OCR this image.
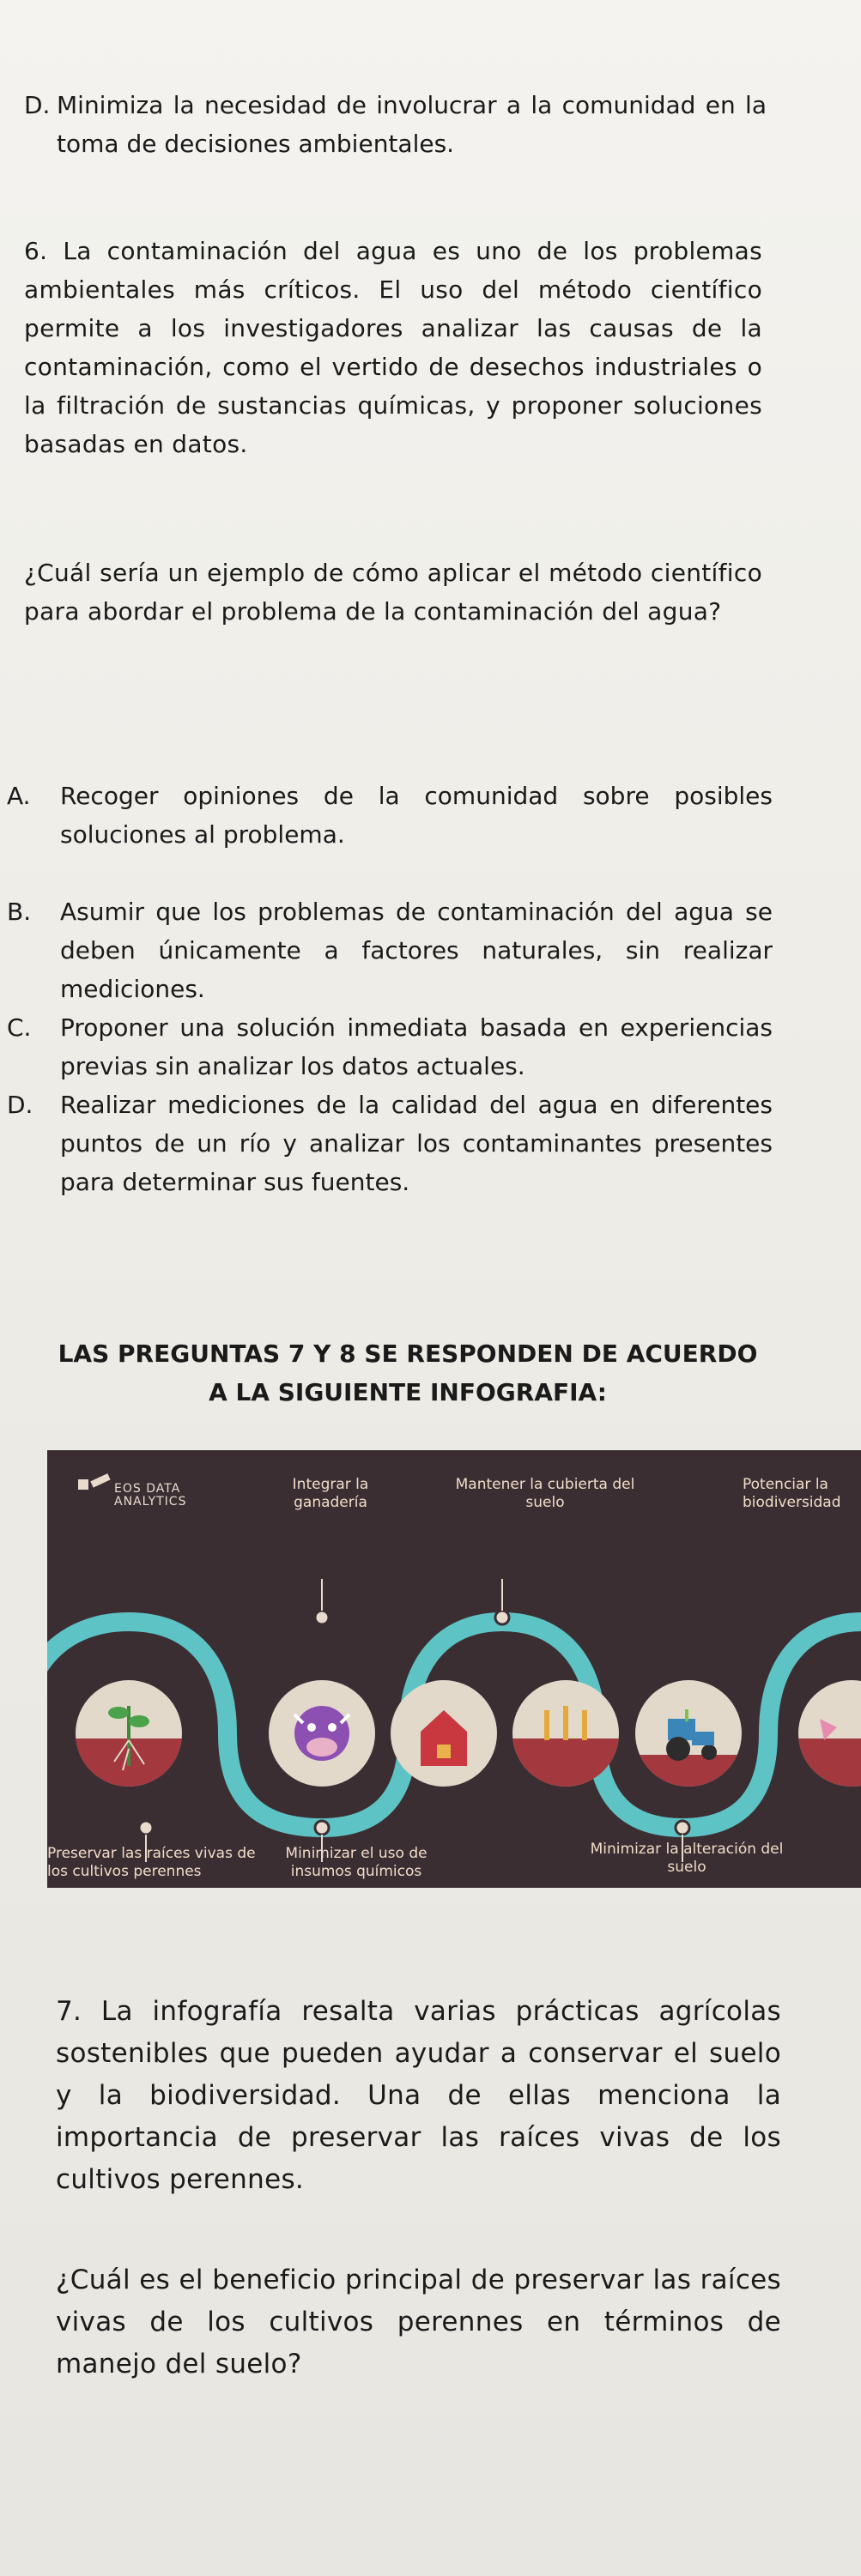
D. Minimiza la necesidad de involucrar a la comunidad en la toma de decisiones ambientales.

6. La contaminación del agua es uno de los problemas ambientales más críticos. El uso del método científico permite a los investigadores analizar las causas de la contaminación, como el vertido de desechos industriales o la filtración de sustancias químicas, y proponer soluciones basadas en datos.

¿Cuál sería un ejemplo de cómo aplicar el método científico para abordar el problema de la contaminación del agua?

A. Recoger opiniones de la comunidad sobre posibles soluciones al problema.
B. Asumir que los problemas de contaminación del agua se deben únicamente a factores naturales, sin realizar mediciones.
C. Proponer una solución inmediata basada en experiencias previas sin analizar los datos actuales.
D. Realizar mediciones de la calidad del agua en diferentes puntos de un río y analizar los contaminantes presentes para determinar sus fuentes.
LAS PREGUNTAS 7 Y 8 SE RESPONDEN DE ACUERDO A LA SIGUIENTE INFOGRAFIA:
EOS DATA ANALYTICS
Integrar la ganadería
Mantener la cubierta del suelo
Potenciar la biodiversidad
Preservar las raíces vivas de los cultivos perennes
Minimizar el uso de insumos químicos
Minimizar la alteración del suelo

7. La infografía resalta varias prácticas agrícolas sostenibles que pueden ayudar a conservar el suelo y la biodiversidad. Una de ellas menciona la importancia de preservar las raíces vivas de los cultivos perennes.

¿Cuál es el beneficio principal de preservar las raíces vivas de los cultivos perennes en términos de manejo del suelo?
